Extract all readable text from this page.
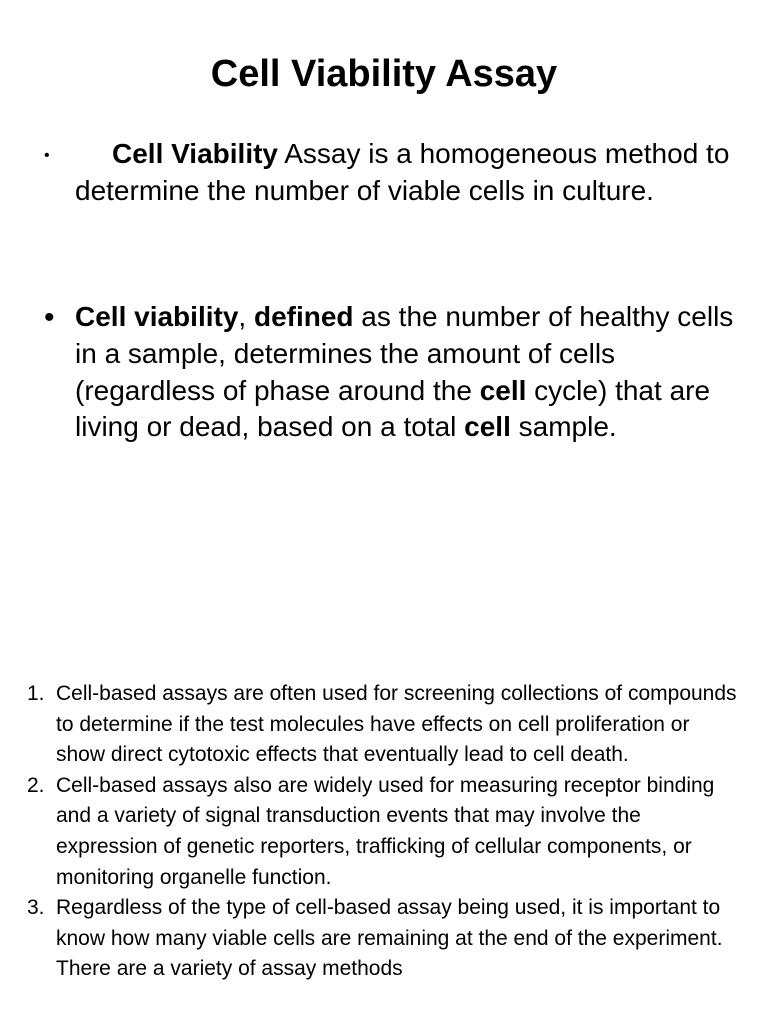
Cell Viability Assay
•	Cell Viability Assay is a homogeneous method to determine the number of viable cells in culture.
• Cell viability, defined as the number of healthy cells in a sample, determines the amount of cells (regardless of phase around the cell cycle) that are living or dead, based on a total cell sample.
1. Cell-based assays are often used for screening collections of compounds to determine if the test molecules have effects on cell proliferation or show direct cytotoxic effects that eventually lead to cell death.
2. Cell-based assays also are widely used for measuring receptor binding and a variety of signal transduction events that may involve the expression of genetic reporters, trafficking of cellular components, or monitoring organelle function.
3. Regardless of the type of cell-based assay being used, it is important to know how many viable cells are remaining at the end of the experiment. There are a variety of assay methods
